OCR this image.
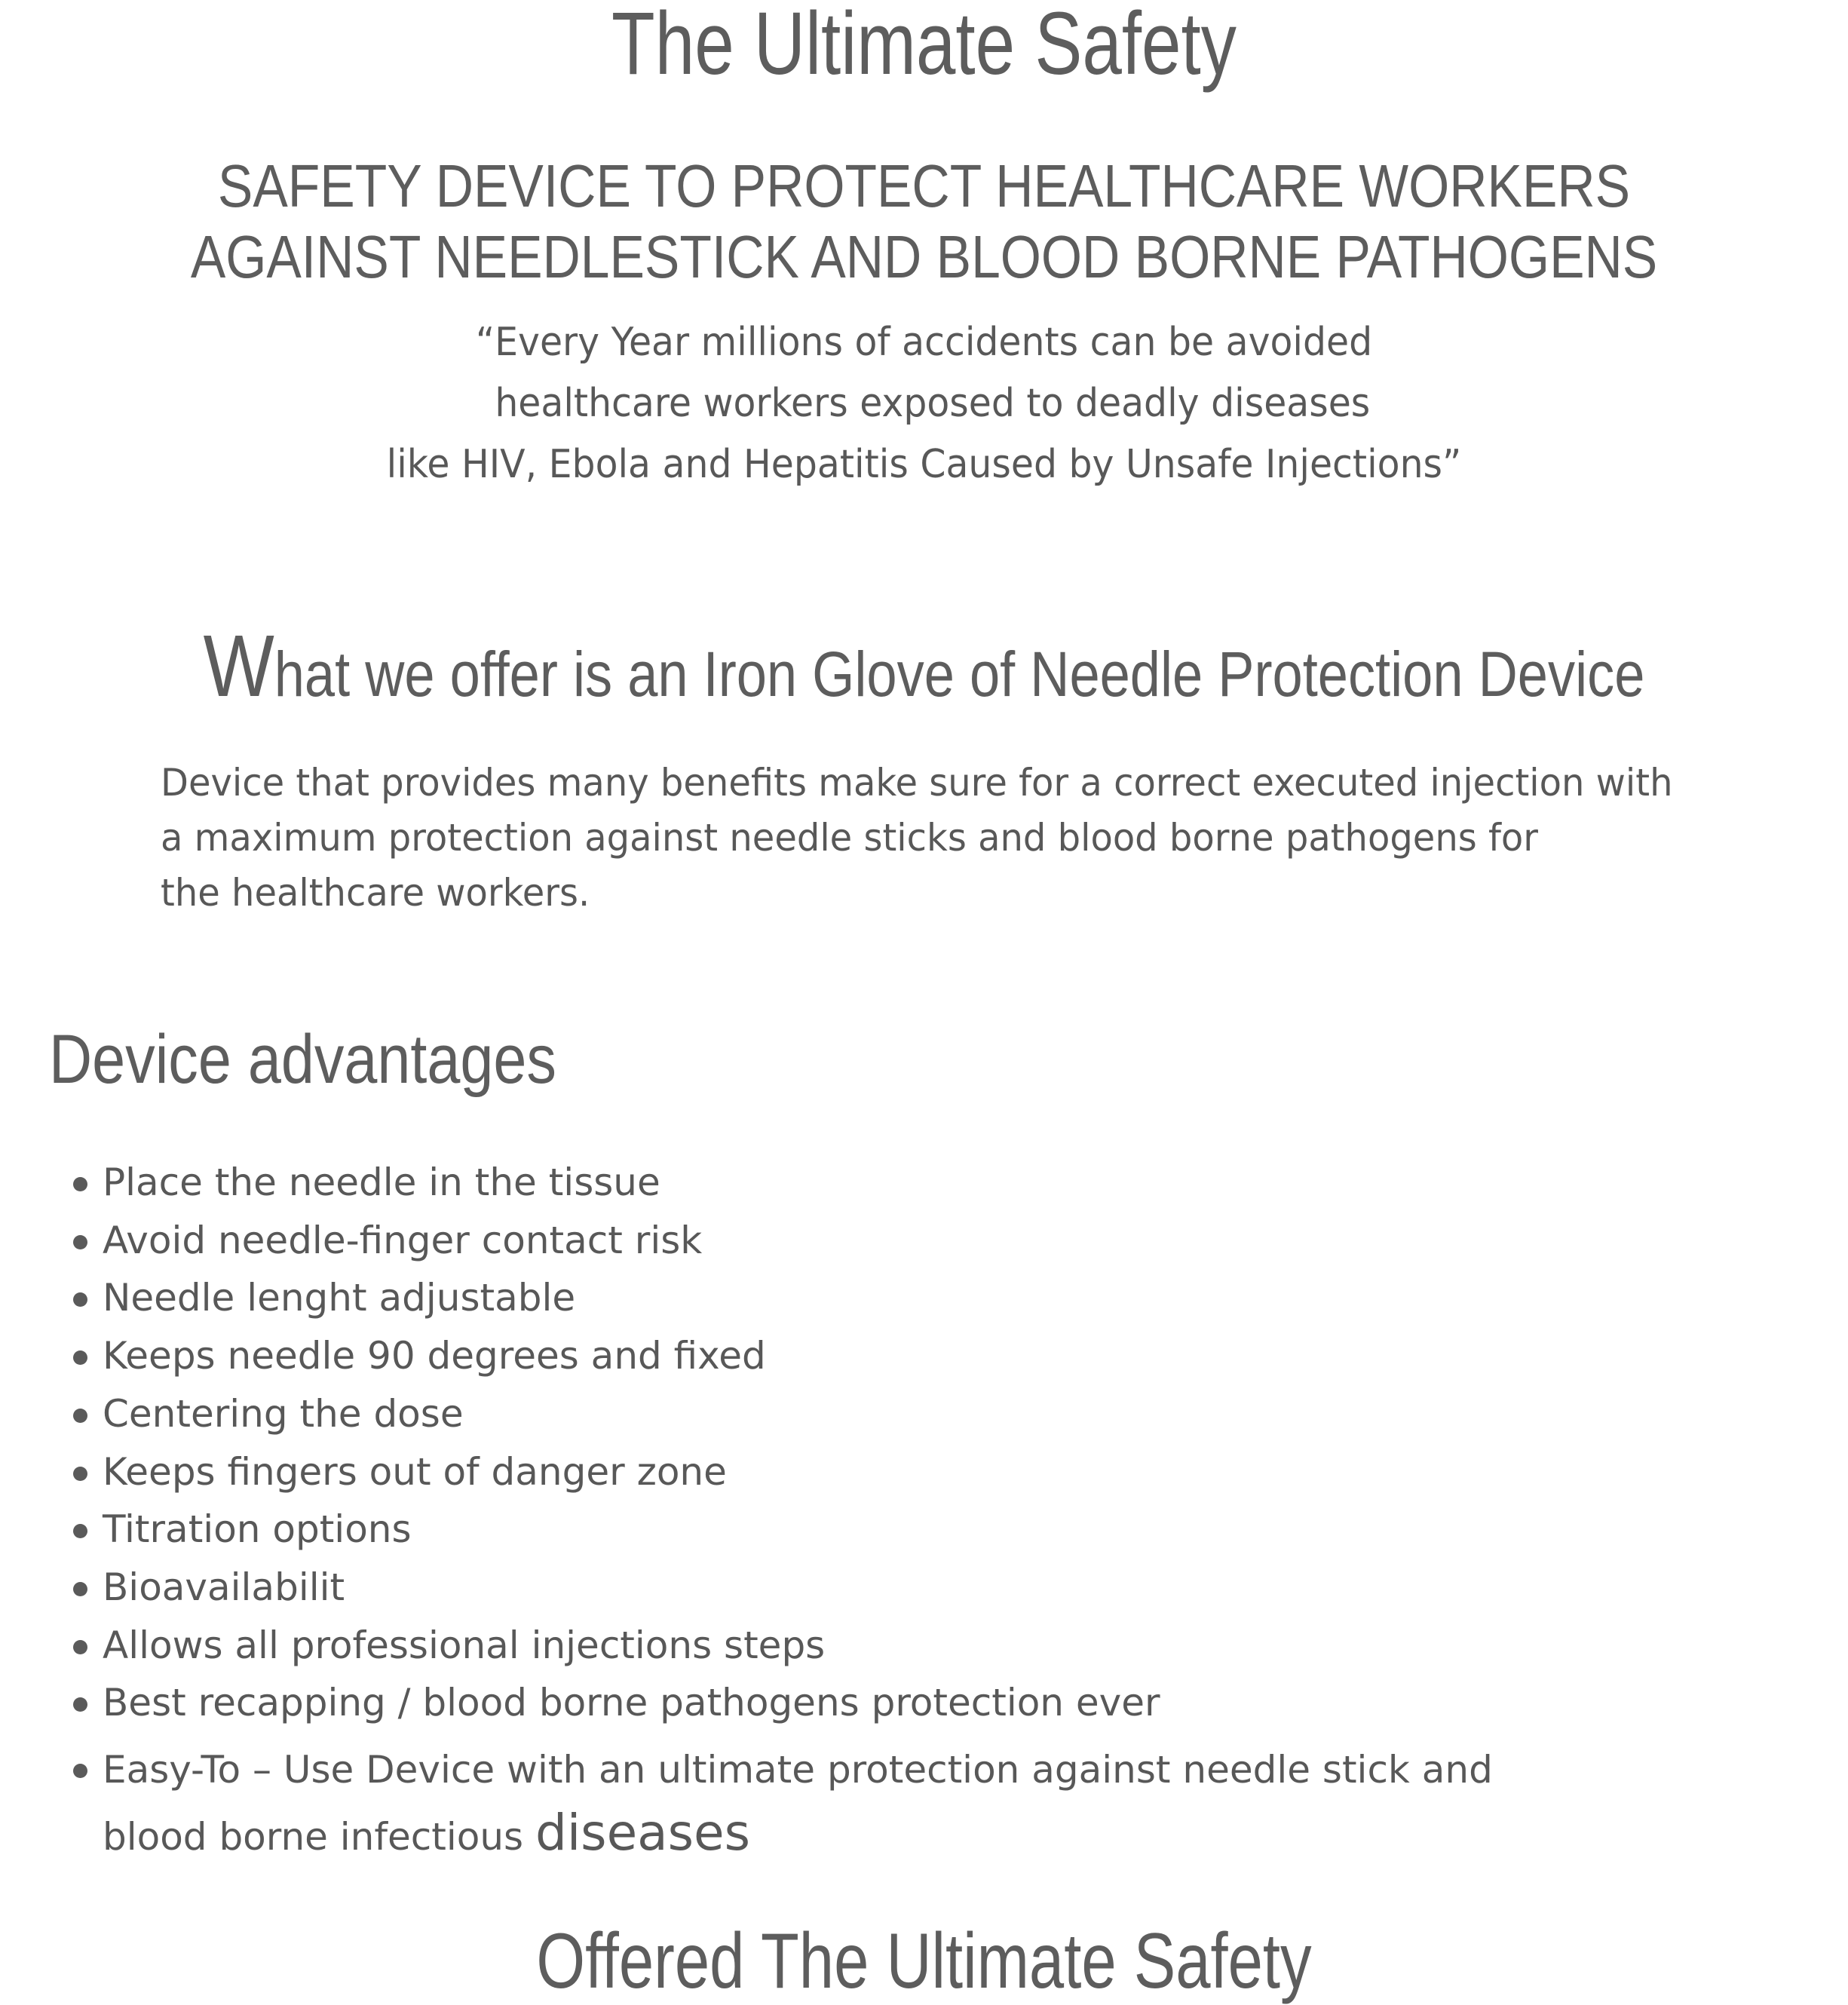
The Ultimate Safety
SAFETY DEVICE TO PROTECT HEALTHCARE WORKERS
AGAINST NEEDLESTICK AND BLOOD BORNE PATHOGENS
“Every Year millions of accidents can be avoided
healthcare workers exposed to deadly diseases
like HIV, Ebola and Hepatitis Caused by Unsafe Injections”
What we offer is an Iron Glove of Needle Protection Device
Device that provides many benefits make sure for a correct executed injection with
a maximum protection against needle sticks and blood borne pathogens for
the healthcare workers.
Device advantages
Place the needle in the tissue
Avoid needle-finger contact risk
Needle lenght adjustable
Keeps needle 90 degrees and fixed
Centering the dose
Keeps fingers out of danger zone
Titration options
Bioavailabilit
Allows all professional injections steps
Best recapping / blood borne pathogens protection ever
Easy-To – Use Device with an ultimate protection against needle stick and
blood borne infectious diseases
Offered The Ultimate Safety
